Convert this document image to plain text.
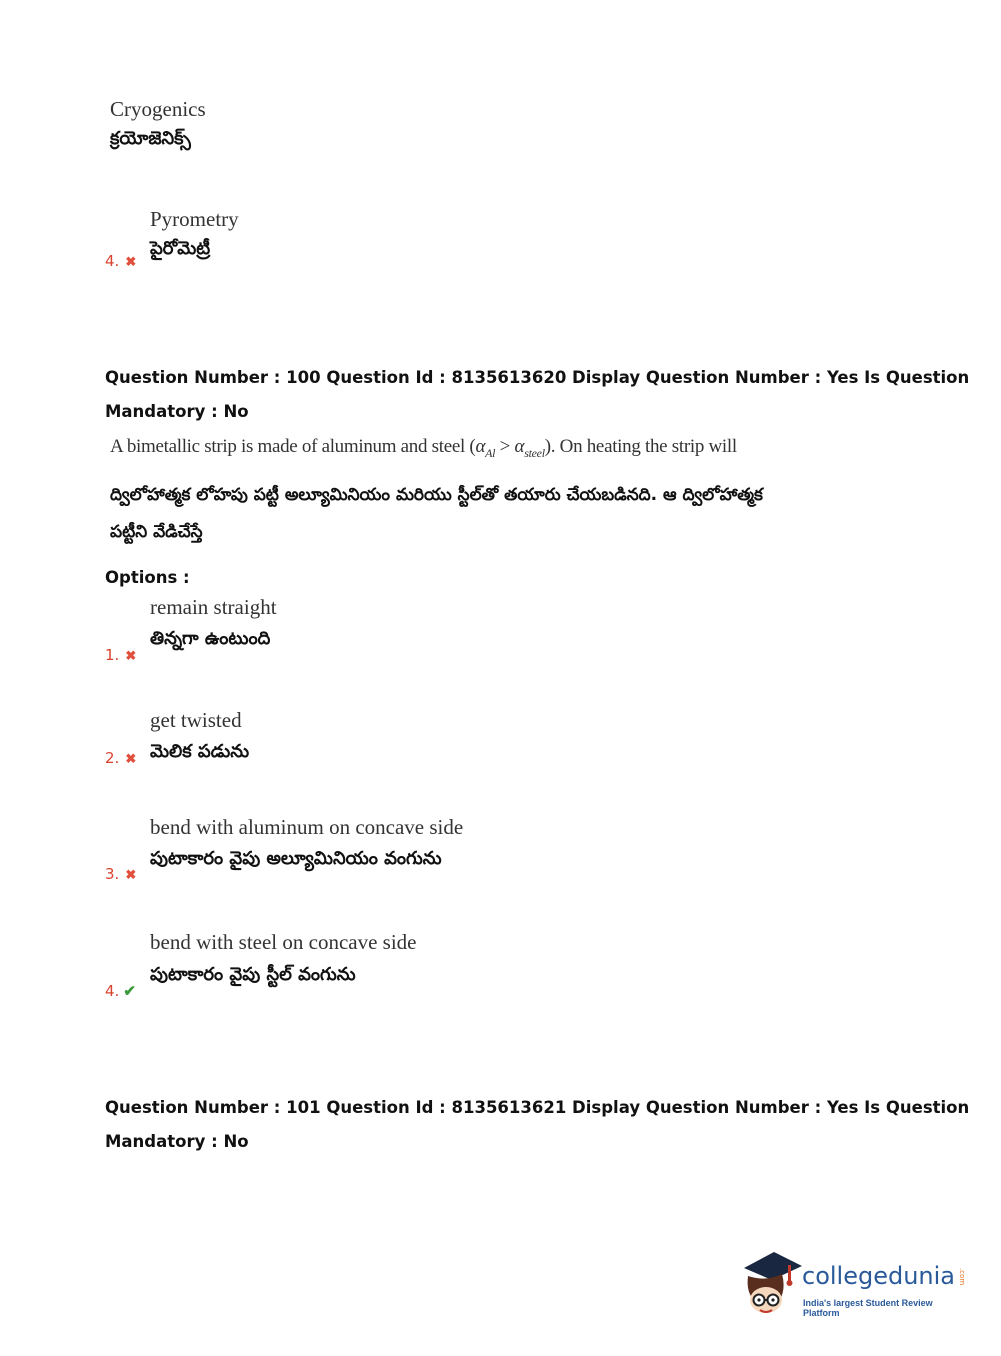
Cryogenics
క్రయోజెనిక్స్
Pyrometry
పైరోమెట్రీ
4. ✖
Question Number : 100 Question Id : 8135613620 Display Question Number : Yes Is Question
Mandatory : No
A bimetallic strip is made of aluminum and steel $(\alpha_{Al} > \alpha_{steel})$. On heating the strip will
ద్విలోహాత్మక లోహపు పట్టీ అల్యూమినియం మరియు స్టీల్‌తో తయారు చేయబడినది. ఆ ద్విలోహాత్మక
పట్టీని వేడిచేస్తే
Options :
remain straight
తిన్నగా ఉంటుంది
1. ✖
get twisted
మెలిక పడును
2. ✖
bend with aluminum on concave side
పుటాకారం వైపు అల్యూమినియం వంగును
3. ✖
bend with steel on concave side
పుటాకారం వైపు స్టీల్ వంగును
4. ✔
Question Number : 101 Question Id : 8135613621 Display Question Number : Yes Is Question
Mandatory : No
collegedunia .com
India's largest Student Review Platform
